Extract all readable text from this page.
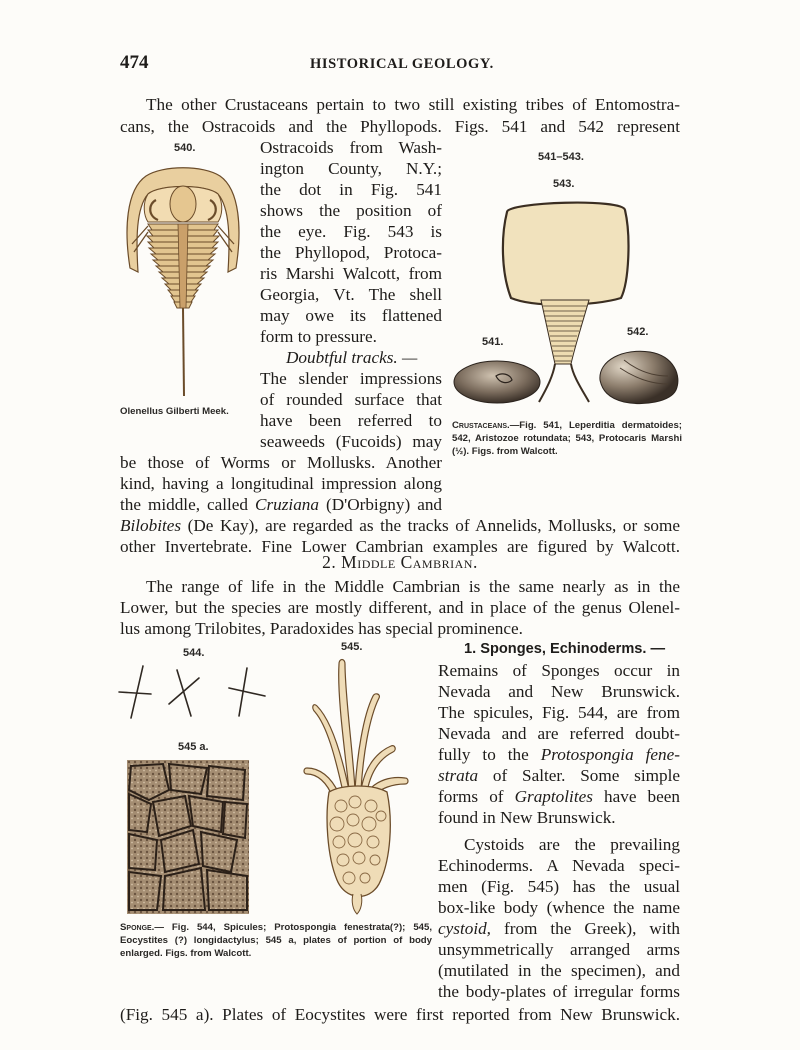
474	HISTORICAL GEOLOGY.
The other Crustaceans pertain to two still existing tribes of Entomostra-
cans, the Ostracoids and the Phyllopods. Figs. 541 and 542 represent
540.
Olenellus Gilberti Meek.
Ostracoids from Wash-
ington County, N.Y.;
the dot in Fig. 541
shows the position of
the eye. Fig. 543 is
the Phyllopod, Protoca-
ris Marshi Walcott, from
Georgia, Vt. The shell
may owe its flattened
form to pressure.
Doubtful tracks. —
The slender impressions
of rounded surface that
have been referred to
seaweeds (Fucoids) may
be those of Worms or Mollusks. Another
kind, having a longitudinal impression along
the middle, called Cruziana (D'Orbigny) and
Bilobites (De Kay), are regarded as the tracks of Annelids, Mollusks, or some
other Invertebrate. Fine Lower Cambrian examples are figured by Walcott.
541–543.
543.
541.
542.
Crustaceans.—Fig. 541, Leperditia dermatoides; 542, Aristozoe rotundata; 543, Protocaris Marshi (½). Figs. from Walcott.
2. Middle Cambrian.
The range of life in the Middle Cambrian is the same nearly as in the
Lower, but the species are mostly different, and in place of the genus Olenel-
lus among Trilobites, Paradoxides has special prominence.
544.
545 a.
545.
Sponge.— Fig. 544, Spicules; Protospongia fenestrata(?); 545, Eocystites (?) longidactylus; 545 a, plates of portion of body enlarged. Figs. from Walcott.
1. Sponges, Echinoderms. —
Remains of Sponges occur in
Nevada and New Brunswick.
The spicules, Fig. 544, are from
Nevada and are referred doubt-
fully to the Protospongia fene-
strata of Salter. Some simple
forms of Graptolites have been
found in New Brunswick.
Cystoids are the prevailing
Echinoderms. A Nevada speci-
men (Fig. 545) has the usual
box-like body (whence the name
cystoid, from the Greek), with
unsymmetrically arranged arms
(mutilated in the specimen), and
the body-plates of irregular forms
(Fig. 545 a). Plates of Eocystites were first reported from New Brunswick.
